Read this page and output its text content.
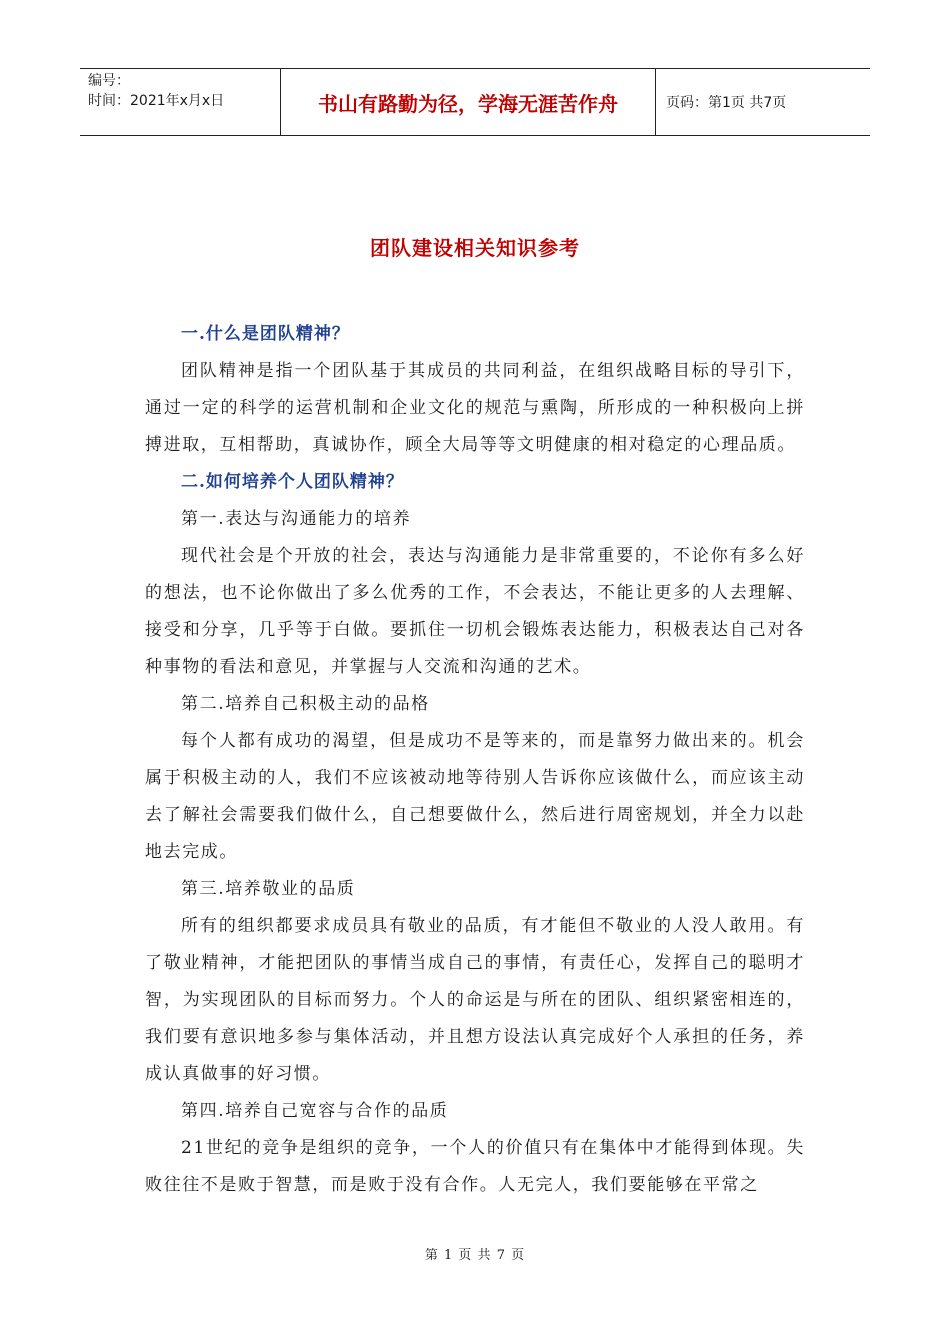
编号：
时间：2021年x月x日	书山有路勤为径，学海无涯苦作舟	页码：第1页 共7页
团队建设相关知识参考

一.什么是团队精神？

团队精神是指一个团队基于其成员的共同利益，在组织战略目标的导引下，通过一定的科学的运营机制和企业文化的规范与熏陶，所形成的一种积极向上拼搏进取，互相帮助，真诚协作，顾全大局等等文明健康的相对稳定的心理品质。

二.如何培养个人团队精神？

第一.表达与沟通能力的培养

现代社会是个开放的社会，表达与沟通能力是非常重要的，不论你有多么好的想法，也不论你做出了多么优秀的工作，不会表达，不能让更多的人去理解、接受和分享，几乎等于白做。要抓住一切机会锻炼表达能力，积极表达自己对各种事物的看法和意见，并掌握与人交流和沟通的艺术。

第二.培养自己积极主动的品格

每个人都有成功的渴望，但是成功不是等来的，而是靠努力做出来的。机会属于积极主动的人，我们不应该被动地等待别人告诉你应该做什么，而应该主动去了解社会需要我们做什么，自己想要做什么，然后进行周密规划，并全力以赴地去完成。

第三.培养敬业的品质

所有的组织都要求成员具有敬业的品质，有才能但不敬业的人没人敢用。有了敬业精神，才能把团队的事情当成自己的事情，有责任心，发挥自己的聪明才智，为实现团队的目标而努力。个人的命运是与所在的团队、组织紧密相连的，我们要有意识地多参与集体活动，并且想方设法认真完成好个人承担的任务，养成认真做事的好习惯。

第四.培养自己宽容与合作的品质

21世纪的竞争是组织的竞争，一个人的价值只有在集体中才能得到体现。失败往往不是败于智慧，而是败于没有合作。人无完人，我们要能够在平常之

第 1 页 共 7 页
